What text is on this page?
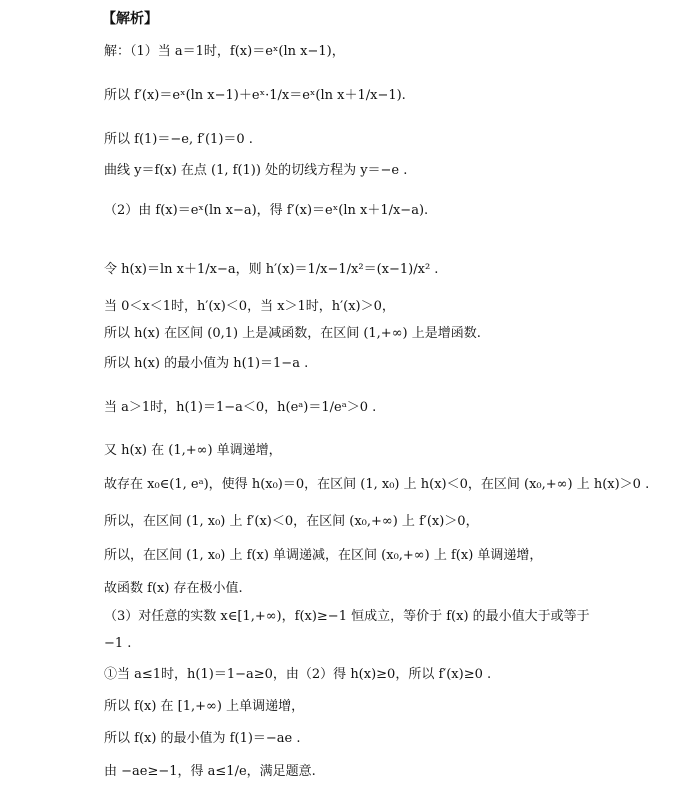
【解析】
解：（1）当 a＝1时，f(x)＝eˣ(ln x−1)，
所以 f′(x)＝eˣ(ln x−1)＋eˣ·1/x＝eˣ(ln x＋1/x−1).
所以 f(1)＝−e, f′(1)＝0 .
曲线 y＝f(x) 在点 (1, f(1)) 处的切线方程为 y＝−e .
（2）由 f(x)＝eˣ(ln x−a)，得 f′(x)＝eˣ(ln x＋1/x−a).
令 h(x)＝ln x＋1/x−a，则 h′(x)＝1/x−1/x²＝(x−1)/x² .
当 0＜x＜1时，h′(x)＜0，当 x＞1时，h′(x)＞0，
所以 h(x) 在区间 (0,1) 上是减函数，在区间 (1,+∞) 上是增函数.
所以 h(x) 的最小值为 h(1)＝1−a .
当 a＞1时，h(1)＝1−a＜0，h(eᵃ)＝1/eᵃ＞0 .
又 h(x) 在 (1,+∞) 单调递增，
故存在 x₀∈(1, eᵃ)，使得 h(x₀)＝0，在区间 (1, x₀) 上 h(x)＜0，在区间 (x₀,+∞) 上 h(x)＞0 .
所以，在区间 (1, x₀) 上 f′(x)＜0，在区间 (x₀,+∞) 上 f′(x)＞0，
所以，在区间 (1, x₀) 上 f(x) 单调递减，在区间 (x₀,+∞) 上 f(x) 单调递增，
故函数 f(x) 存在极小值.
（3）对任意的实数 x∈[1,+∞)，f(x)≥−1 恒成立，等价于 f(x) 的最小值大于或等于
−1 .
①当 a≤1时，h(1)＝1−a≥0，由（2）得 h(x)≥0，所以 f′(x)≥0 .
所以 f(x) 在 [1,+∞) 上单调递增，
所以 f(x) 的最小值为 f(1)＝−ae .
由 −ae≥−1，得 a≤1/e，满足题意.
